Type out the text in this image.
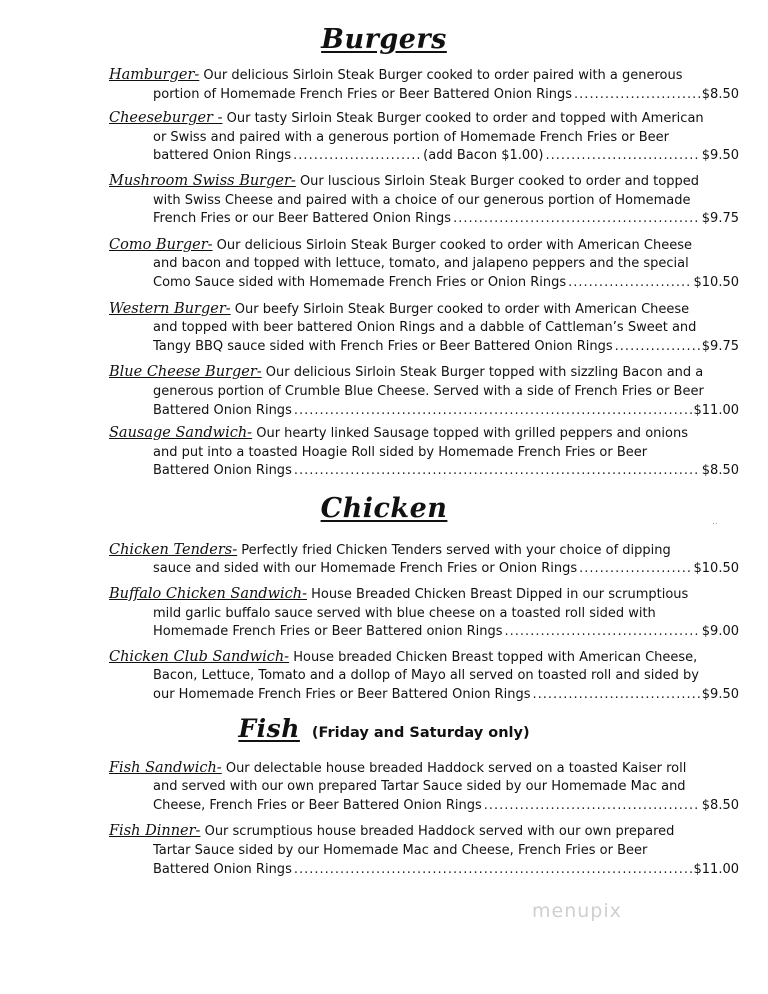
Burgers
Hamburger- Our delicious Sirloin Steak Burger cooked to order paired with a generous
portion of Homemade French Fries or Beer Battered Onion Rings .....	$8.50
Cheeseburger - Our tasty Sirloin Steak Burger cooked to order and topped with American
or Swiss and paired with a generous portion of Homemade French Fries or Beer
battered Onion Rings .....	(add Bacon $1.00) .....	$9.50
Mushroom Swiss Burger- Our luscious Sirloin Steak Burger cooked to order and topped
with Swiss Cheese and paired with a choice of our generous portion of Homemade
French Fries or our Beer Battered Onion Rings .....	$9.75
Como Burger- Our delicious Sirloin Steak Burger cooked to order with American Cheese
and bacon and topped with lettuce, tomato, and jalapeno peppers and the special
Como Sauce sided with Homemade French Fries or Onion Rings .....	$10.50
Western Burger- Our beefy Sirloin Steak Burger cooked to order with American Cheese
and topped with beer battered Onion Rings and a dabble of Cattleman’s Sweet and
Tangy BBQ sauce sided with French Fries or Beer Battered Onion Rings .....	$9.75
Blue Cheese Burger- Our delicious Sirloin Steak Burger topped with sizzling Bacon and a
generous portion of Crumble Blue Cheese. Served with a side of French Fries or Beer
Battered Onion Rings .....	$11.00
Sausage Sandwich- Our hearty linked Sausage topped with grilled peppers and onions
and put into a toasted Hoagie Roll sided by Homemade French Fries or Beer
Battered Onion Rings .....	$8.50
Chicken
Chicken Tenders- Perfectly fried Chicken Tenders served with your choice of dipping
sauce and sided with our Homemade French Fries or Onion Rings .....	$10.50
Buffalo Chicken Sandwich- House Breaded Chicken Breast Dipped in our scrumptious
mild garlic buffalo sauce served with blue cheese on a toasted roll sided with
Homemade French Fries or Beer Battered onion Rings .....	$9.00
Chicken Club Sandwich- House breaded Chicken Breast topped with American Cheese,
Bacon, Lettuce, Tomato and a dollop of Mayo all served on toasted roll and sided by
our Homemade French Fries or Beer Battered Onion Rings .....	$9.50
Fish (Friday and Saturday only)
Fish Sandwich- Our delectable house breaded Haddock served on a toasted Kaiser roll
and served with our own prepared Tartar Sauce sided by our Homemade Mac and
Cheese, French Fries or Beer Battered Onion Rings .....	$8.50
Fish Dinner- Our scrumptious house breaded Haddock served with our own prepared
Tartar Sauce sided by our Homemade Mac and Cheese, French Fries or Beer
Battered Onion Rings .....	$11.00
menupix
..
